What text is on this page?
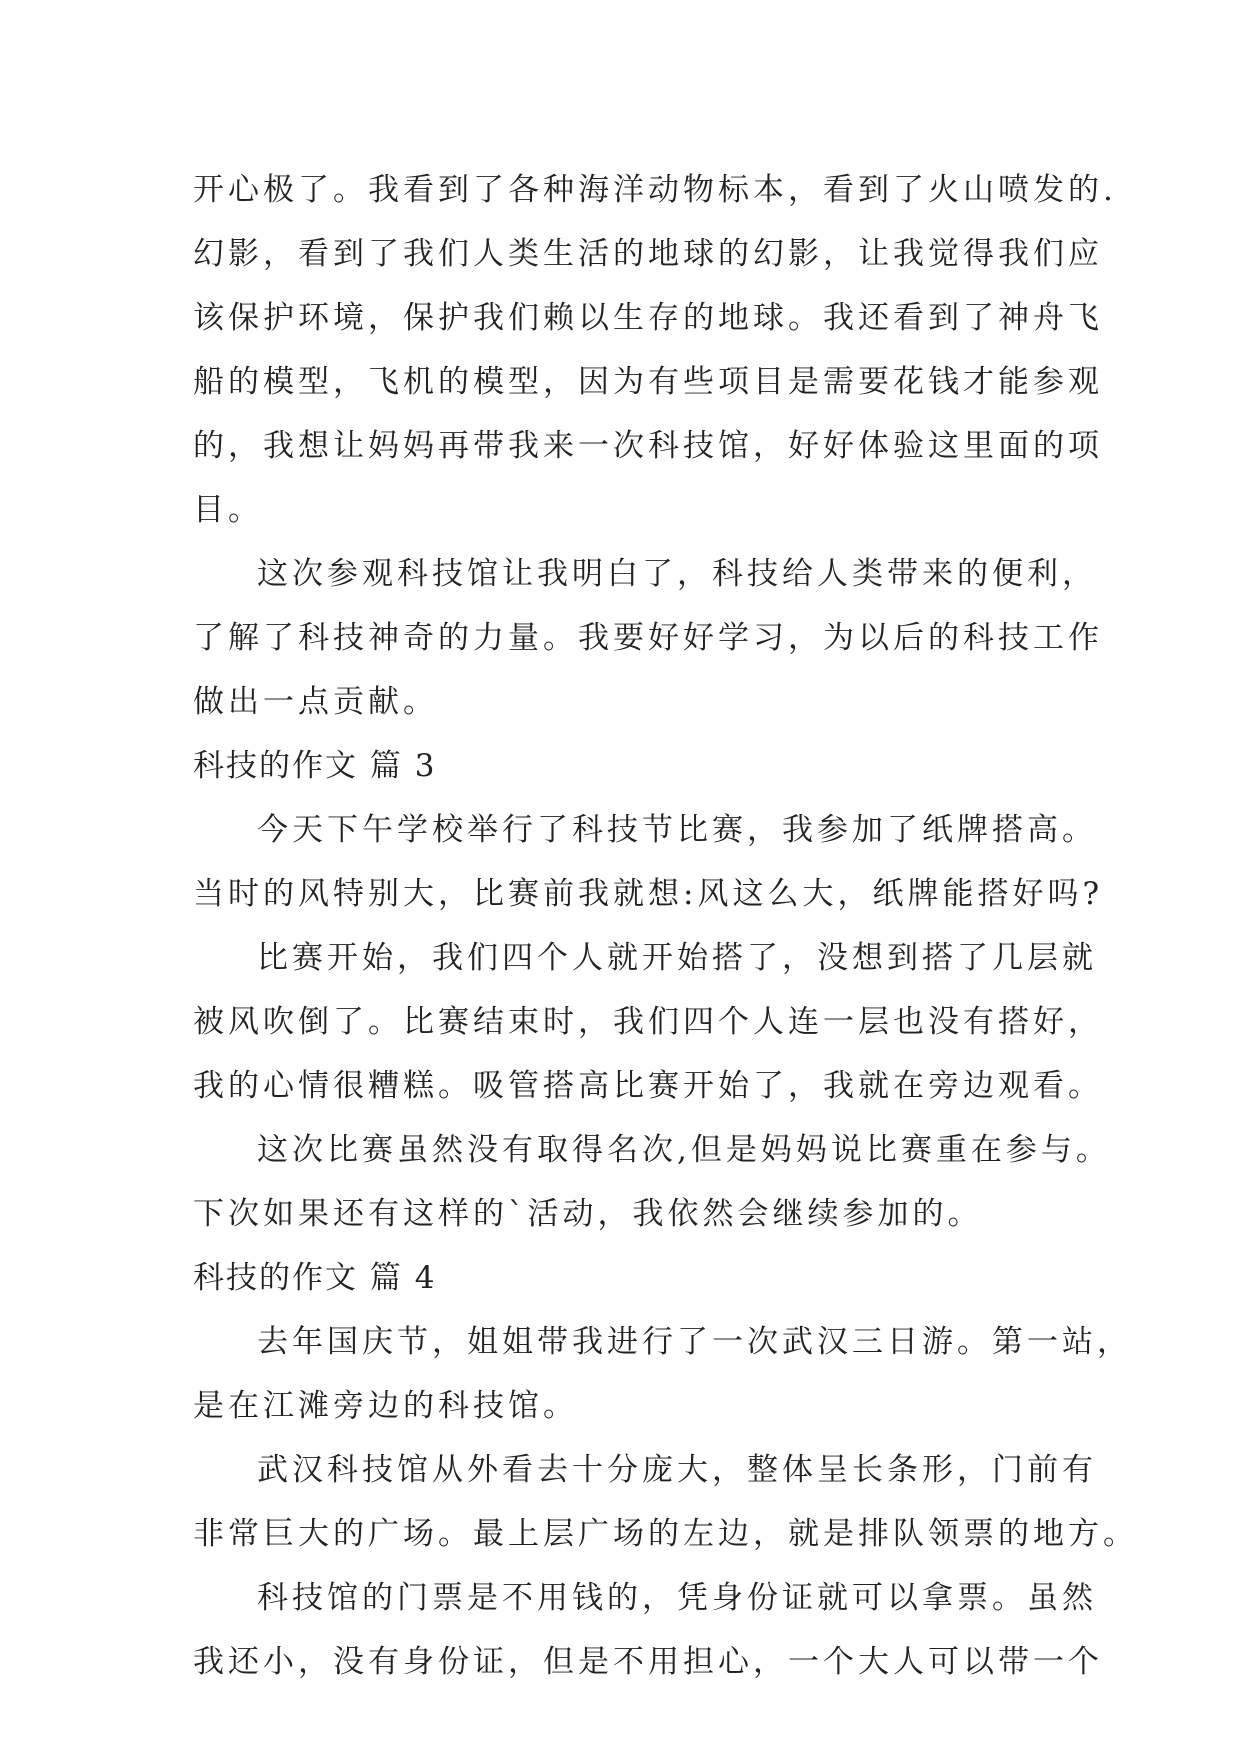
开心极了。我看到了各种海洋动物标本，看到了火山喷发的.
幻影，看到了我们人类生活的地球的幻影，让我觉得我们应
该保护环境，保护我们赖以生存的地球。我还看到了神舟飞
船的模型，飞机的模型，因为有些项目是需要花钱才能参观
的，我想让妈妈再带我来一次科技馆，好好体验这里面的项
目。
这次参观科技馆让我明白了，科技给人类带来的便利，
了解了科技神奇的力量。我要好好学习，为以后的科技工作
做出一点贡献。
科技的作文 篇 3
今天下午学校举行了科技节比赛，我参加了纸牌搭高。
当时的风特别大，比赛前我就想:风这么大，纸牌能搭好吗?
比赛开始，我们四个人就开始搭了，没想到搭了几层就
被风吹倒了。比赛结束时，我们四个人连一层也没有搭好，
我的心情很糟糕。吸管搭高比赛开始了，我就在旁边观看。
这次比赛虽然没有取得名次,但是妈妈说比赛重在参与。
下次如果还有这样的`活动，我依然会继续参加的。
科技的作文 篇 4
去年国庆节，姐姐带我进行了一次武汉三日游。第一站，
是在江滩旁边的科技馆。
武汉科技馆从外看去十分庞大，整体呈长条形，门前有
非常巨大的广场。最上层广场的左边，就是排队领票的地方。
科技馆的门票是不用钱的，凭身份证就可以拿票。虽然
我还小，没有身份证，但是不用担心，一个大人可以带一个
